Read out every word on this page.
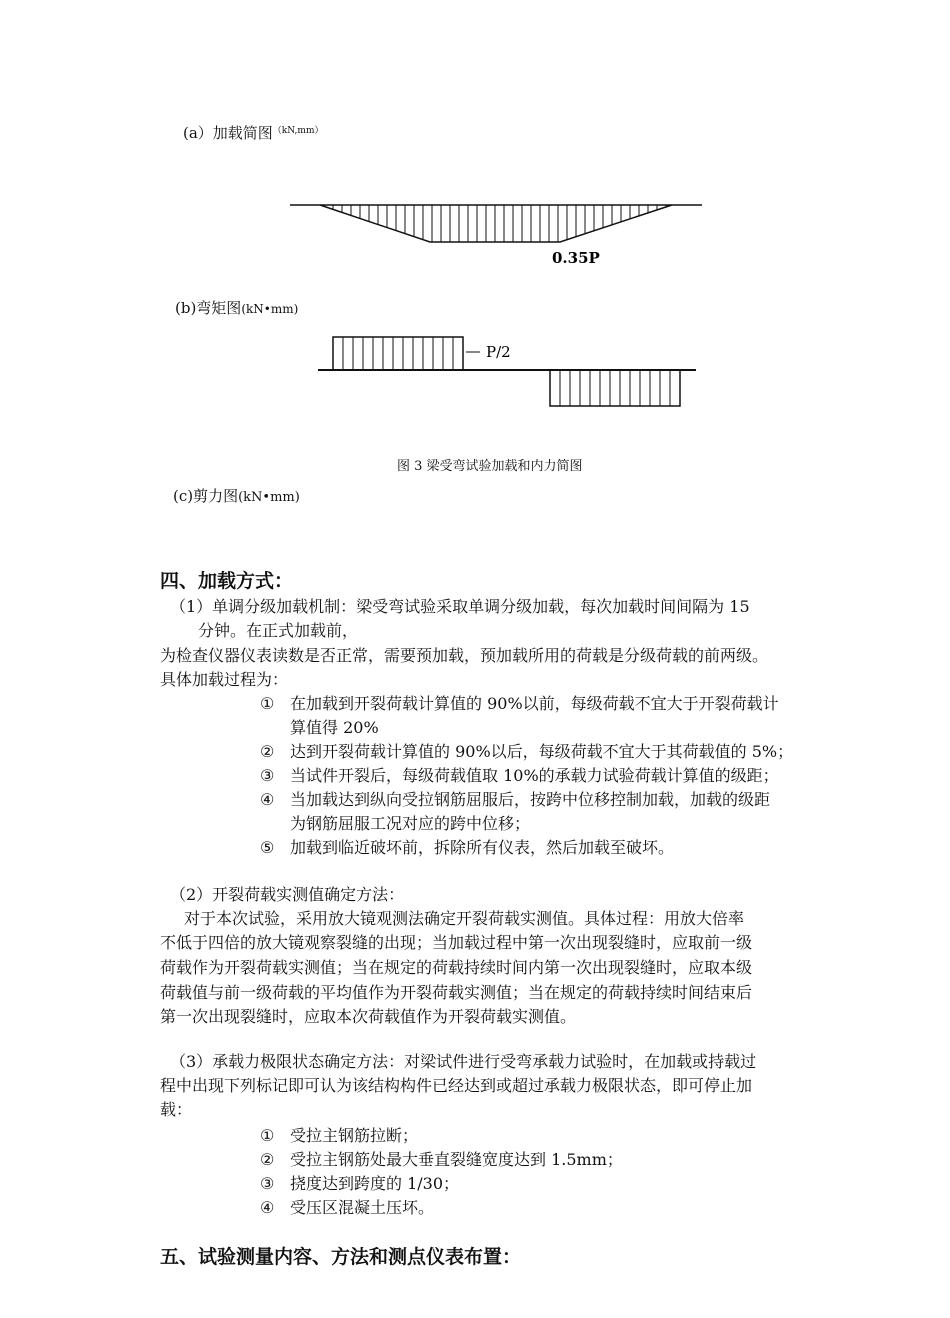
(a）加载简图$^{(kN,mm)}$
0.35P
(b)弯矩图(kN•mm)
P/2
图 3 梁受弯试验加载和内力简图
(c)剪力图(kN•mm)
四、加载方式：
（1）单调分级加载机制：梁受弯试验采取单调分级加载，每次加载时间间隔为 15
分钟。在正式加载前，
为检查仪器仪表读数是否正常，需要预加载，预加载所用的荷载是分级荷载的前两级。
具体加载过程为：
① 在加载到开裂荷载计算值的 90%以前，每级荷载不宜大于开裂荷载计
算值得 20%
② 达到开裂荷载计算值的 90%以后，每级荷载不宜大于其荷载值的 5%；
③ 当试件开裂后，每级荷载值取 10%的承载力试验荷载计算值的级距；
④ 当加载达到纵向受拉钢筋屈服后，按跨中位移控制加载，加载的级距
为钢筋屈服工况对应的跨中位移；
⑤ 加载到临近破坏前，拆除所有仪表，然后加载至破坏。
（2）开裂荷载实测值确定方法：
　对于本次试验，采用放大镜观测法确定开裂荷载实测值。具体过程：用放大倍率
不低于四倍的放大镜观察裂缝的出现；当加载过程中第一次出现裂缝时，应取前一级
荷载作为开裂荷载实测值；当在规定的荷载持续时间内第一次出现裂缝时，应取本级
荷载值与前一级荷载的平均值作为开裂荷载实测值；当在规定的荷载持续时间结束后
第一次出现裂缝时，应取本次荷载值作为开裂荷载实测值。
（3）承载力极限状态确定方法：对梁试件进行受弯承载力试验时，在加载或持载过
程中出现下列标记即可认为该结构构件已经达到或超过承载力极限状态，即可停止加
载：
① 受拉主钢筋拉断；
② 受拉主钢筋处最大垂直裂缝宽度达到 1.5mm；
③ 挠度达到跨度的 1/30；
④ 受压区混凝土压坏。
五、试验测量内容、方法和测点仪表布置：
